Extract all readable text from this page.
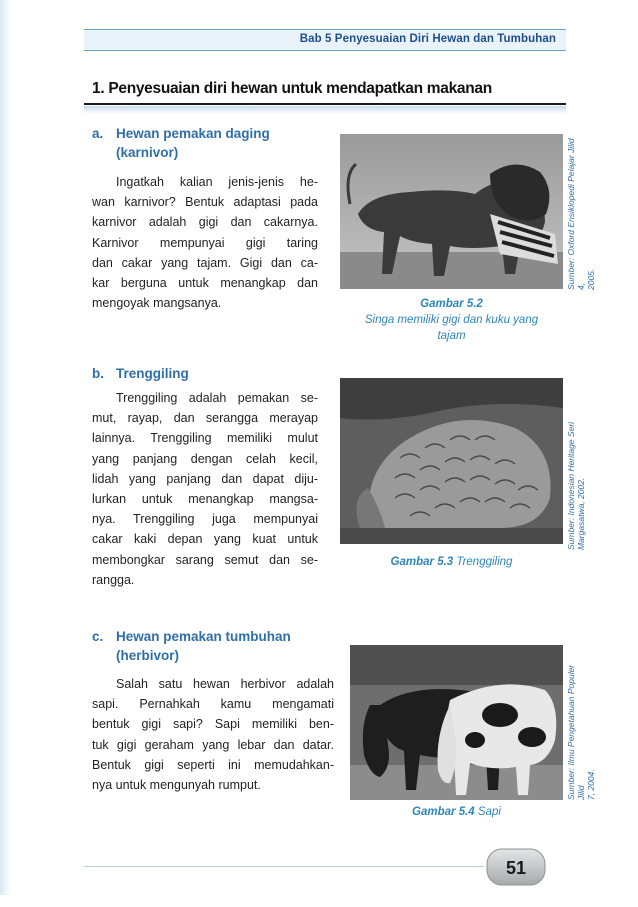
Bab 5 Penyesuaian Diri Hewan dan Tumbuhan
1. Penyesuaian diri hewan untuk mendapatkan makanan
a. Hewan pemakan daging
(karnivor)
Ingatkah kalian jenis-jenis he-
wan karnivor? Bentuk adaptasi pada
karnivor adalah gigi dan cakarnya.
Karnivor mempunyai gigi taring
dan cakar yang tajam. Gigi dan ca-
kar berguna untuk menangkap dan
mengoyak mangsanya.
Sumber: Oxford Ensiklopedi Pelajar Jilid 4,
2005.
Gambar 5.2
Singa memiliki gigi dan kuku yang
tajam
b. Trenggiling
Trenggiling adalah pemakan se-
mut, rayap, dan serangga merayap
lainnya. Trenggiling memiliki mulut
yang panjang dengan celah kecil,
lidah yang panjang dan dapat diju-
lurkan untuk menangkap mangsa-
nya. Trenggiling juga mempunyai
cakar kaki depan yang kuat untuk
membongkar sarang semut dan se-
rangga.
Sumber: Indonesian Heritage Seri
Margasatwa, 2002.
Gambar 5.3 Trenggiling
c. Hewan pemakan tumbuhan
(herbivor)
Salah satu hewan herbivor adalah
sapi. Pernahkah kamu mengamati
bentuk gigi sapi? Sapi memiliki ben-
tuk gigi geraham yang lebar dan datar.
Bentuk gigi seperti ini memudahkan-
nya untuk mengunyah rumput.	Sumber: Ilmu Pengetahuan Populer Jilid
7, 2004.
Gambar 5.4 Sapi
51
